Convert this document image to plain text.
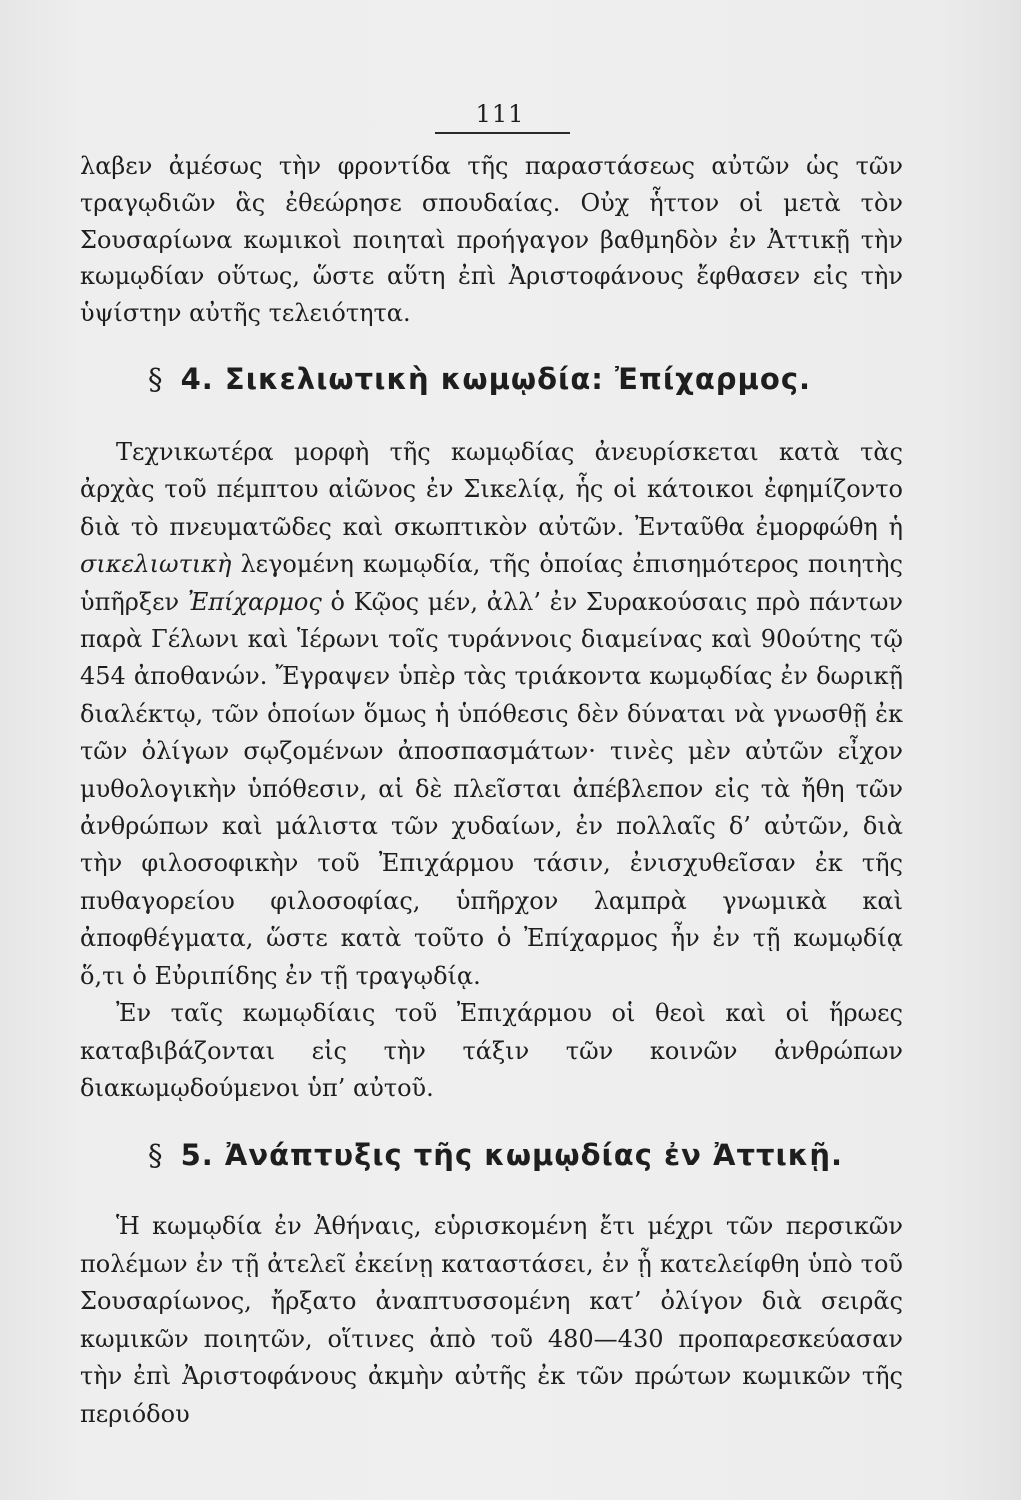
111

λαβεν ἀμέσως τὴν φροντίδα τῆς παραστάσεως αὐτῶν ὡς τῶν τραγῳδιῶν ἃς ἐθεώρησε σπουδαίας. Οὐχ ἧττον οἱ μετὰ τὸν Σουσαρίωνα κωμικοὶ ποιηταὶ προήγαγον βαθμηδὸν ἐν Ἀττικῇ τὴν κωμῳδίαν οὕτως, ὥστε αὕτη ἐπὶ Ἀριστοφάνους ἔφθασεν εἰς τὴν ὑψίστην αὐτῆς τελειότητα.

§ 4. Σικελιωτικὴ κωμῳδία: Ἐπίχαρμος.

Τεχνικωτέρα μορφὴ τῆς κωμῳδίας ἀνευρίσκεται κατὰ τὰς ἀρχὰς τοῦ πέμπτου αἰῶνος ἐν Σικελίᾳ, ἧς οἱ κάτοικοι ἐφημίζοντο διὰ τὸ πνευματῶδες καὶ σκωπτικὸν αὐτῶν. Ἐνταῦθα ἐμορφώθη ἡ σικελιωτικὴ λεγομένη κωμῳδία, τῆς ὁποίας ἐπισημότερος ποιητὴς ὑπῆρξεν Ἐπίχαρμος ὁ Κῷος μέν, ἀλλ’ ἐν Συρακούσαις πρὸ πάντων παρὰ Γέλωνι καὶ Ἱέρωνι τοῖς τυράννοις διαμείνας καὶ 90ούτης τῷ 454 ἀποθανών. Ἔγραψεν ὑπὲρ τὰς τριάκοντα κωμῳδίας ἐν δωρικῇ διαλέκτῳ, τῶν ὁποίων ὅμως ἡ ὑπόθεσις δὲν δύναται νὰ γνωσθῇ ἐκ τῶν ὀλίγων σῳζομένων ἀποσπασμάτων· τινὲς μὲν αὐτῶν εἶχον μυθολογικὴν ὑπόθεσιν, αἱ δὲ πλεῖσται ἀπέβλεπον εἰς τὰ ἤθη τῶν ἀνθρώπων καὶ μάλιστα τῶν χυδαίων, ἐν πολλαῖς δ’ αὐτῶν, διὰ τὴν φιλοσοφικὴν τοῦ Ἐπιχάρμου τάσιν, ἐνισχυθεῖσαν ἐκ τῆς πυθαγορείου φιλοσοφίας, ὑπῆρχον λαμπρὰ γνωμικὰ καὶ ἀποφθέγματα, ὥστε κατὰ τοῦτο ὁ Ἐπίχαρμος ἦν ἐν τῇ κωμῳδίᾳ ὅ,τι ὁ Εὐριπίδης ἐν τῇ τραγῳδίᾳ.

Ἐν ταῖς κωμῳδίαις τοῦ Ἐπιχάρμου οἱ θεοὶ καὶ οἱ ἥρωες καταβιβάζονται εἰς τὴν τάξιν τῶν κοινῶν ἀνθρώπων διακωμῳδούμενοι ὑπ’ αὐτοῦ.

§ 5. Ἀνάπτυξις τῆς κωμῳδίας ἐν Ἀττικῇ.

Ἡ κωμῳδία ἐν Ἀθήναις, εὑρισκομένη ἔτι μέχρι τῶν περσικῶν πολέμων ἐν τῇ ἀτελεῖ ἐκείνῃ καταστάσει, ἐν ᾗ κατελείφθη ὑπὸ τοῦ Σουσαρίωνος, ἤρξατο ἀναπτυσσομένη κατ’ ὀλίγον διὰ σειρᾶς κωμικῶν ποιητῶν, οἵτινες ἀπὸ τοῦ 480—430 προπαρεσκεύασαν τὴν ἐπὶ Ἀριστοφάνους ἀκμὴν αὐτῆς ἐκ τῶν πρώτων κωμικῶν τῆς περιόδου
